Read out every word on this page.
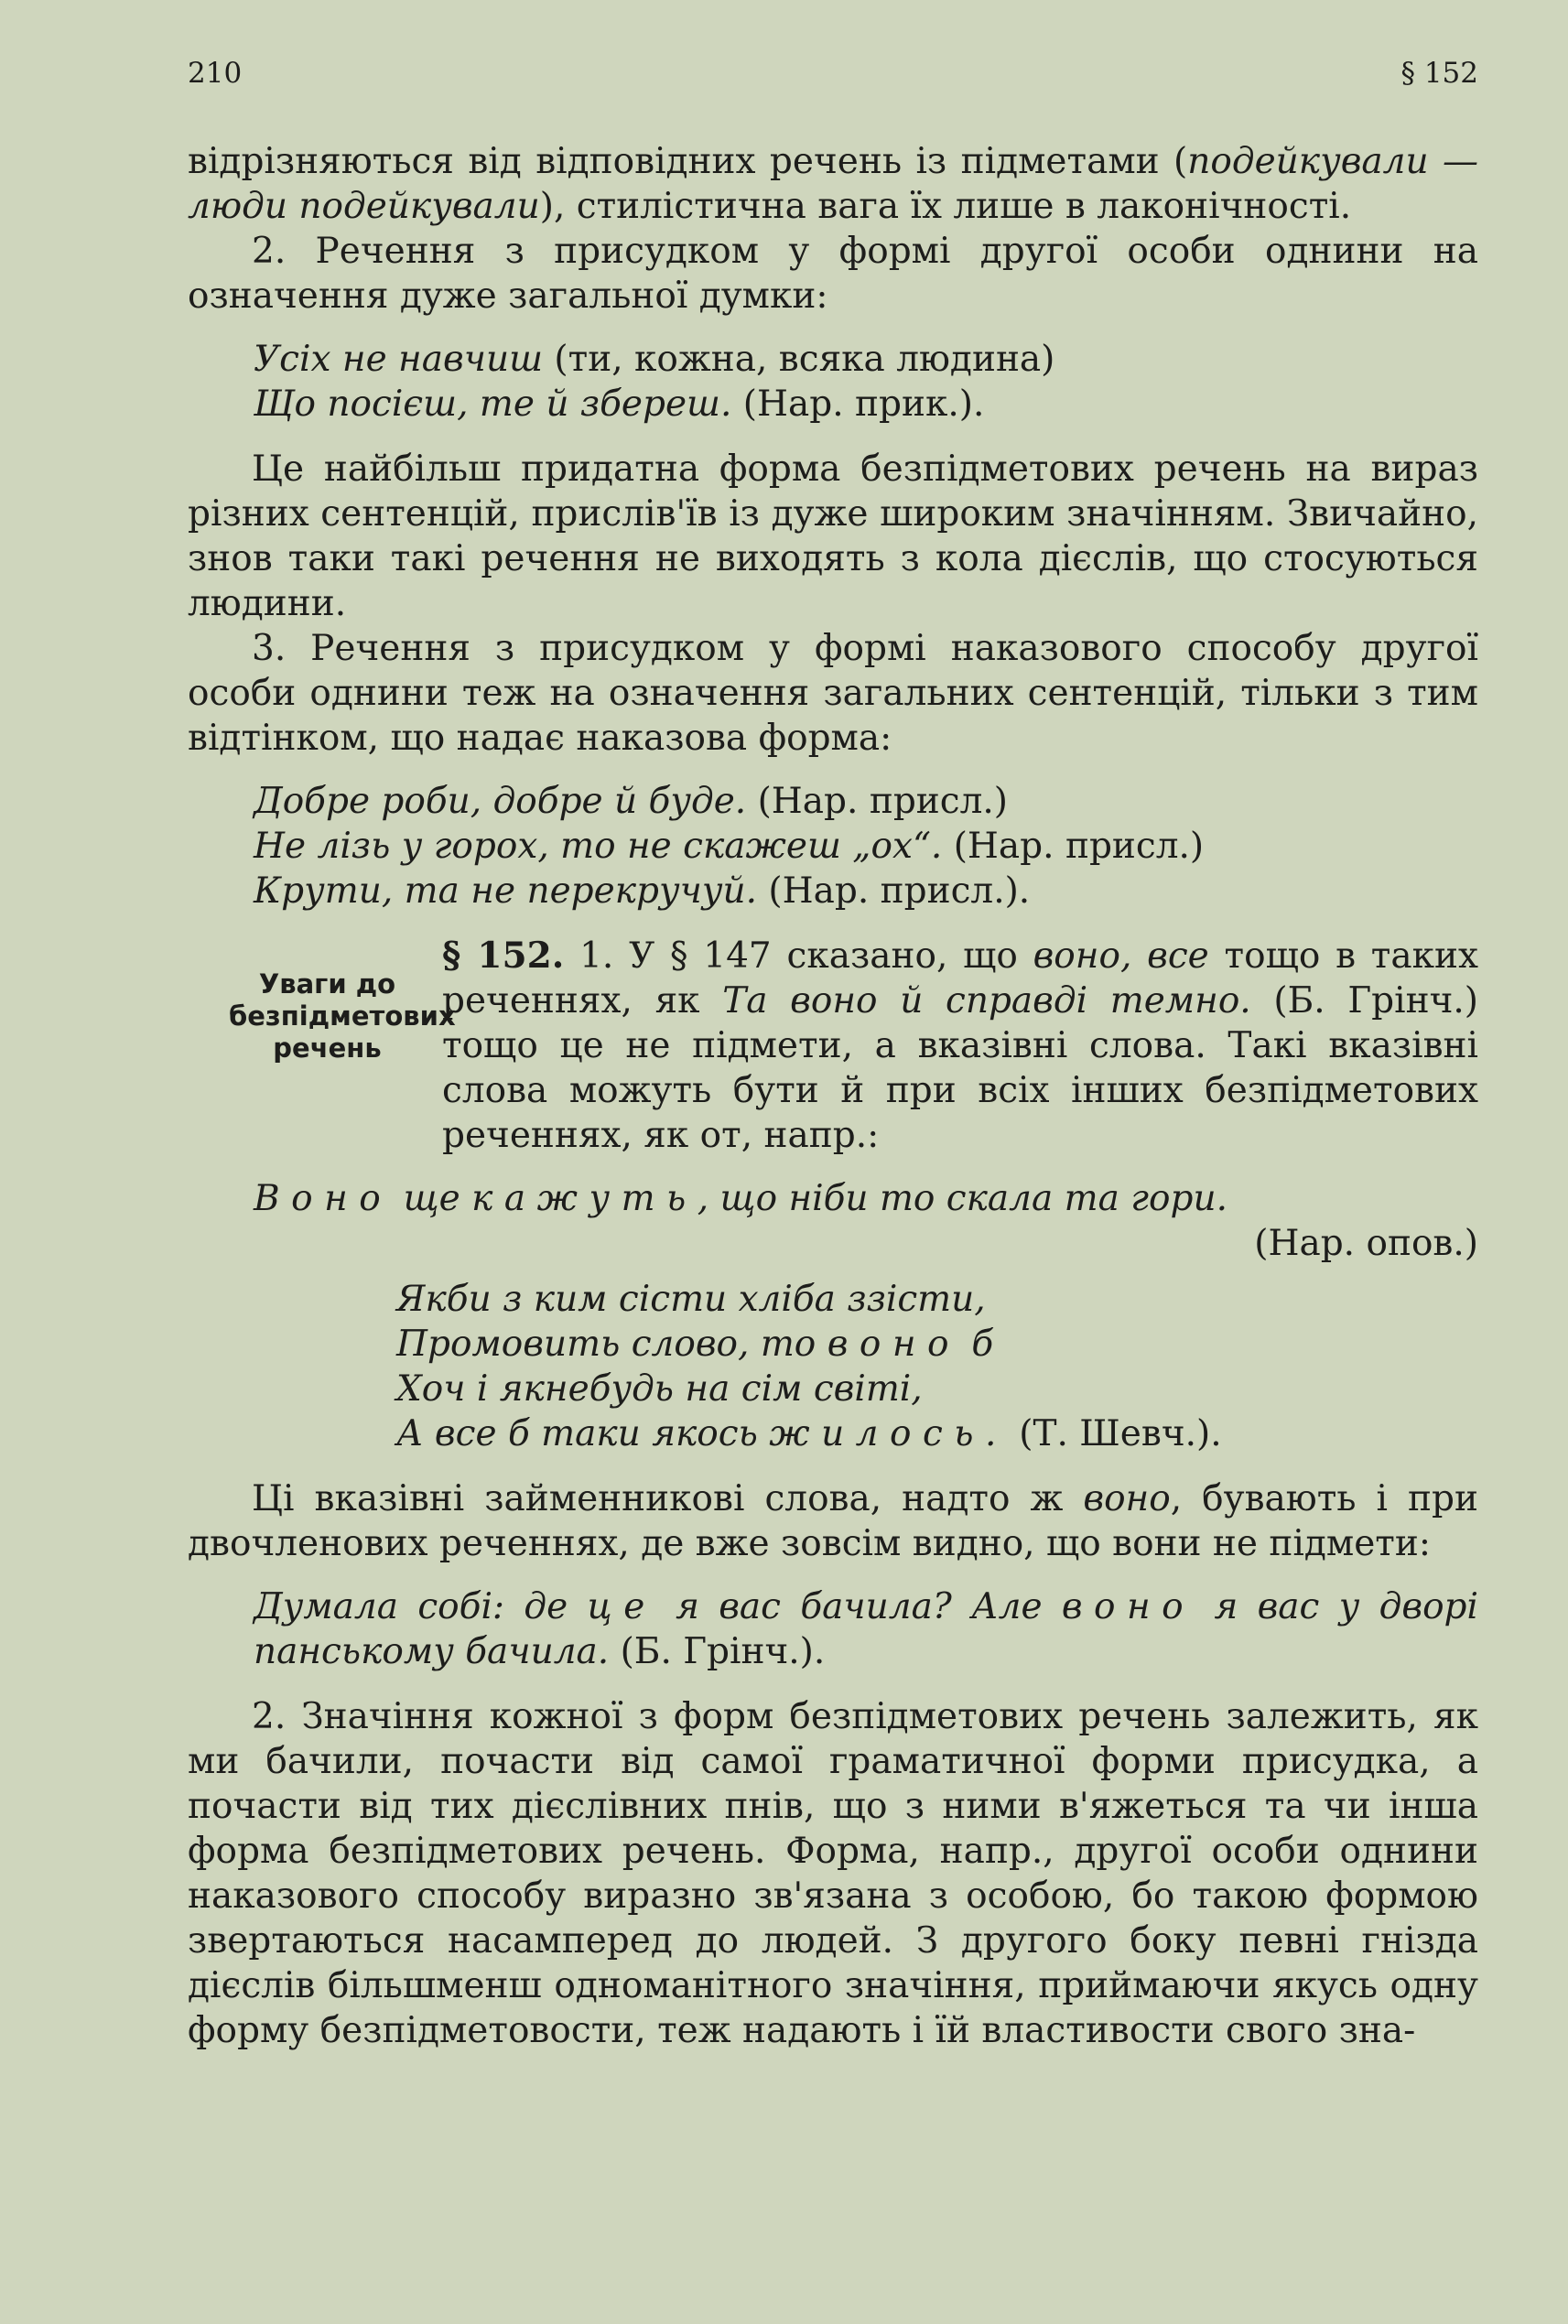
210	§ 152

відрізняються від відповідних речень із підметами (подейкували — люди подейкували), стилістична вага їх лише в лаконічності.

2. Речення з присудком у формі другої особи однини на означення дуже загальної думки:

Усіх не навчиш (ти, кожна, всяка людина)
Що посієш, те й збереш. (Нар. прик.).

Це найбільш придатна форма безпідметових речень на вираз різних сентенцій, прислів'їв із дуже широким значінням. Звичайно, знов таки такі речення не виходять з кола дієслів, що стосуються людини.

3. Речення з присудком у формі наказового способу другої особи однини теж на означення загальних сентенцій, тільки з тим відтінком, що надає наказова форма:

Добре роби, добре й буде. (Нар. присл.)
Не лізь у горох, то не скажеш „ох“. (Нар. присл.)
Крути, та не перекручуй. (Нар. присл.).
Уваги до безпідметових речень

§ 152. 1. У § 147 сказано, що воно, все тощо в таких реченнях, як Та воно й справді темно. (Б. Грінч.) тощо це не підмети, а вказівні слова. Такі вказівні слова можуть бути й при всіх інших безпідметових реченнях, як от, напр.:

Воно ще кажуть, що ніби то скала та гори.
(Нар. опов.)
Якби з ким сісти хліба ззісти,
Промовить слово, то воно б
Хоч і якнебудь на сім світі,
А все б таки якось жилось. (Т. Шевч.).

Ці вказівні займенникові слова, надто ж воно, бувають і при двочленових реченнях, де вже зовсім видно, що вони не підмети:

Думала собі: де це я вас бачила? Але воно я вас у дворі панському бачила. (Б. Грінч.).

2. Значіння кожної з форм безпідметових речень залежить, як ми бачили, почасти від самої граматичної форми присудка, а почасти від тих дієслівних пнів, що з ними в'яжеться та чи інша форма безпідметових речень. Форма, напр., другої особи однини наказового способу виразно зв'язана з особою, бо такою формою звертаються насамперед до людей. З другого боку певні гнізда дієслів більшменш одноманітного значіння, приймаючи якусь одну форму безпідметовости, теж надають і їй властивости свого зна-
